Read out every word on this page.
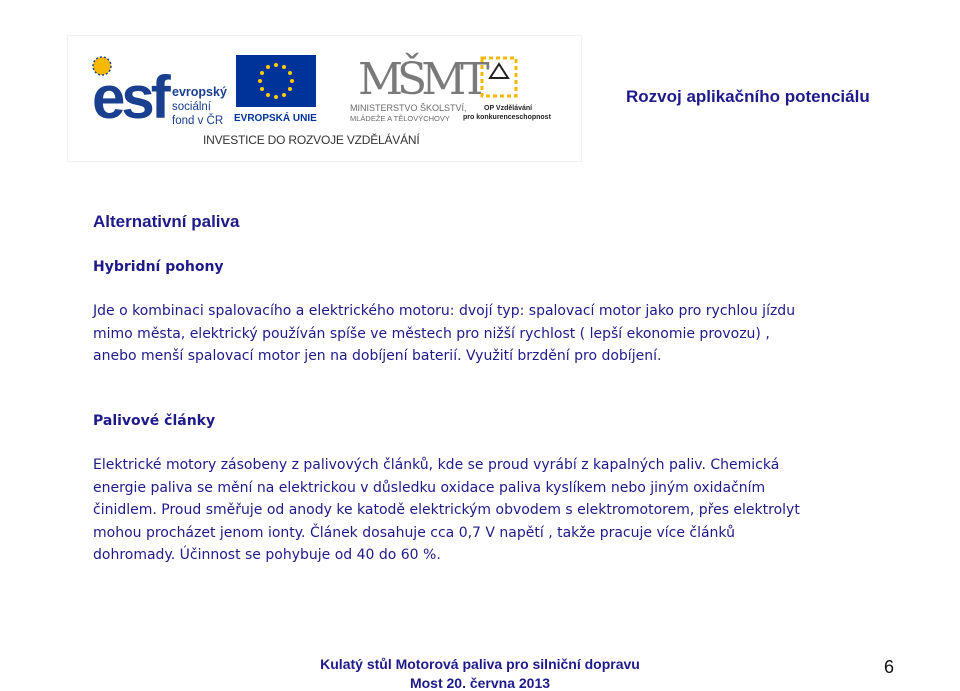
esf evropský
sociální
fond v ČR EVROPSKÁ UNIE
MŠMT
MINISTERSTVO ŠKOLSTVÍ,
MLÁDEŽE A TĚLOVÝCHOVY
OP Vzdělávání
pro konkurenceschopnost
INVESTICE DO ROZVOJE VZDĚLÁVÁNÍ
Rozvoj aplikačního potenciálu
Alternativní paliva
Hybridní pohony

Jde o kombinaci spalovacího a elektrického motoru: dvojí typ: spalovací motor jako pro rychlou jízdu mimo města, elektrický používán spíše ve městech pro nižší rychlost ( lepší ekonomie provozu) , anebo menší spalovací motor jen na dobíjení baterií. Využití brzdění pro dobíjení.

Palivové články

Elektrické motory zásobeny z palivových článků, kde se proud vyrábí z kapalných paliv. Chemická energie paliva se mění na elektrickou v důsledku oxidace paliva kyslíkem nebo jiným oxidačním činidlem. Proud směřuje od anody ke katodě elektrickým obvodem s elektromotorem, přes elektrolyt mohou procházet jenom ionty. Článek dosahuje cca 0,7 V napětí , takže pracuje více článků dohromady. Účinnost se pohybuje od 40 do 60 %.

Kulatý stůl Motorová paliva pro silniční dopravu
Most 20. června 2013
6
